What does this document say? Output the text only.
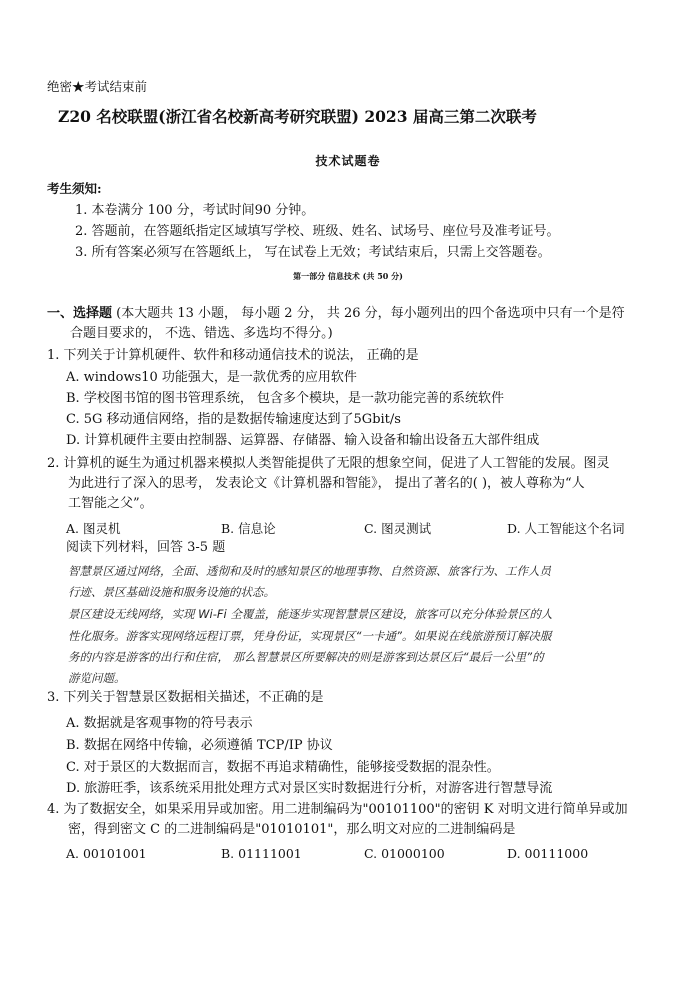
绝密★考试结束前
Z20 名校联盟(浙江省名校新高考研究联盟) 2023 届高三第二次联考
技术试题卷
考生须知:
1. 本卷满分 100 分，考试时间90 分钟。
2. 答题前，在答题纸指定区域填写学校、班级、姓名、试场号、座位号及准考证号。
3. 所有答案必须写在答题纸上， 写在试卷上无效；考试结束后，只需上交答题卷。
第一部分 信息技术 (共 50 分)
一、选择题 (本大题共 13 小题， 每小题 2 分， 共 26 分，每小题列出的四个备选项中只有一个是符
合题目要求的， 不选、错选、多选均不得分。)
1. 下列关于计算机硬件、软件和移动通信技术的说法， 正确的是
A. windows10 功能强大，是一款优秀的应用软件
B. 学校图书馆的图书管理系统， 包含多个模块，是一款功能完善的系统软件
C. 5G 移动通信网络，指的是数据传输速度达到了5Gbit/s
D. 计算机硬件主要由控制器、运算器、存储器、输入设备和输出设备五大部件组成
2. 计算机的诞生为通过机器来模拟人类智能提供了无限的想象空间，促进了人工智能的发展。图灵
为此进行了深入的思考， 发表论文《计算机器和智能》， 提出了著名的( )，被人尊称为“人
工智能之父”。
A. 图灵机	B. 信息论	C. 图灵测试	D. 人工智能这个名词
阅读下列材料，回答 3-5 题
智慧景区通过网络，全面、透彻和及时的感知景区的地理事物、自然资源、旅客行为、工作人员
行迹、景区基础设施和服务设施的状态。
景区建设无线网络，实现 Wi-Fi 全覆盖，能逐步实现智慧景区建设，旅客可以充分体验景区的人
性化服务。游客实现网络远程订票，凭身份证，实现景区“一卡通”。如果说在线旅游预订解决服
务的内容是游客的出行和住宿， 那么智慧景区所要解决的则是游客到达景区后“最后一公里”的
游览问题。
3. 下列关于智慧景区数据相关描述，不正确的是
A. 数据就是客观事物的符号表示
B. 数据在网络中传输，必须遵循 TCP/IP 协议
C. 对于景区的大数据而言，数据不再追求精确性，能够接受数据的混杂性。
D. 旅游旺季，该系统采用批处理方式对景区实时数据进行分析，对游客进行智慧导流
4. 为了数据安全，如果采用异或加密。用二进制编码为"00101100"的密钥 K 对明文进行简单异或加
密，得到密文 C 的二进制编码是"01010101"，那么明文对应的二进制编码是
A. 00101001	B. 01111001	C. 01000100	D. 00111000
